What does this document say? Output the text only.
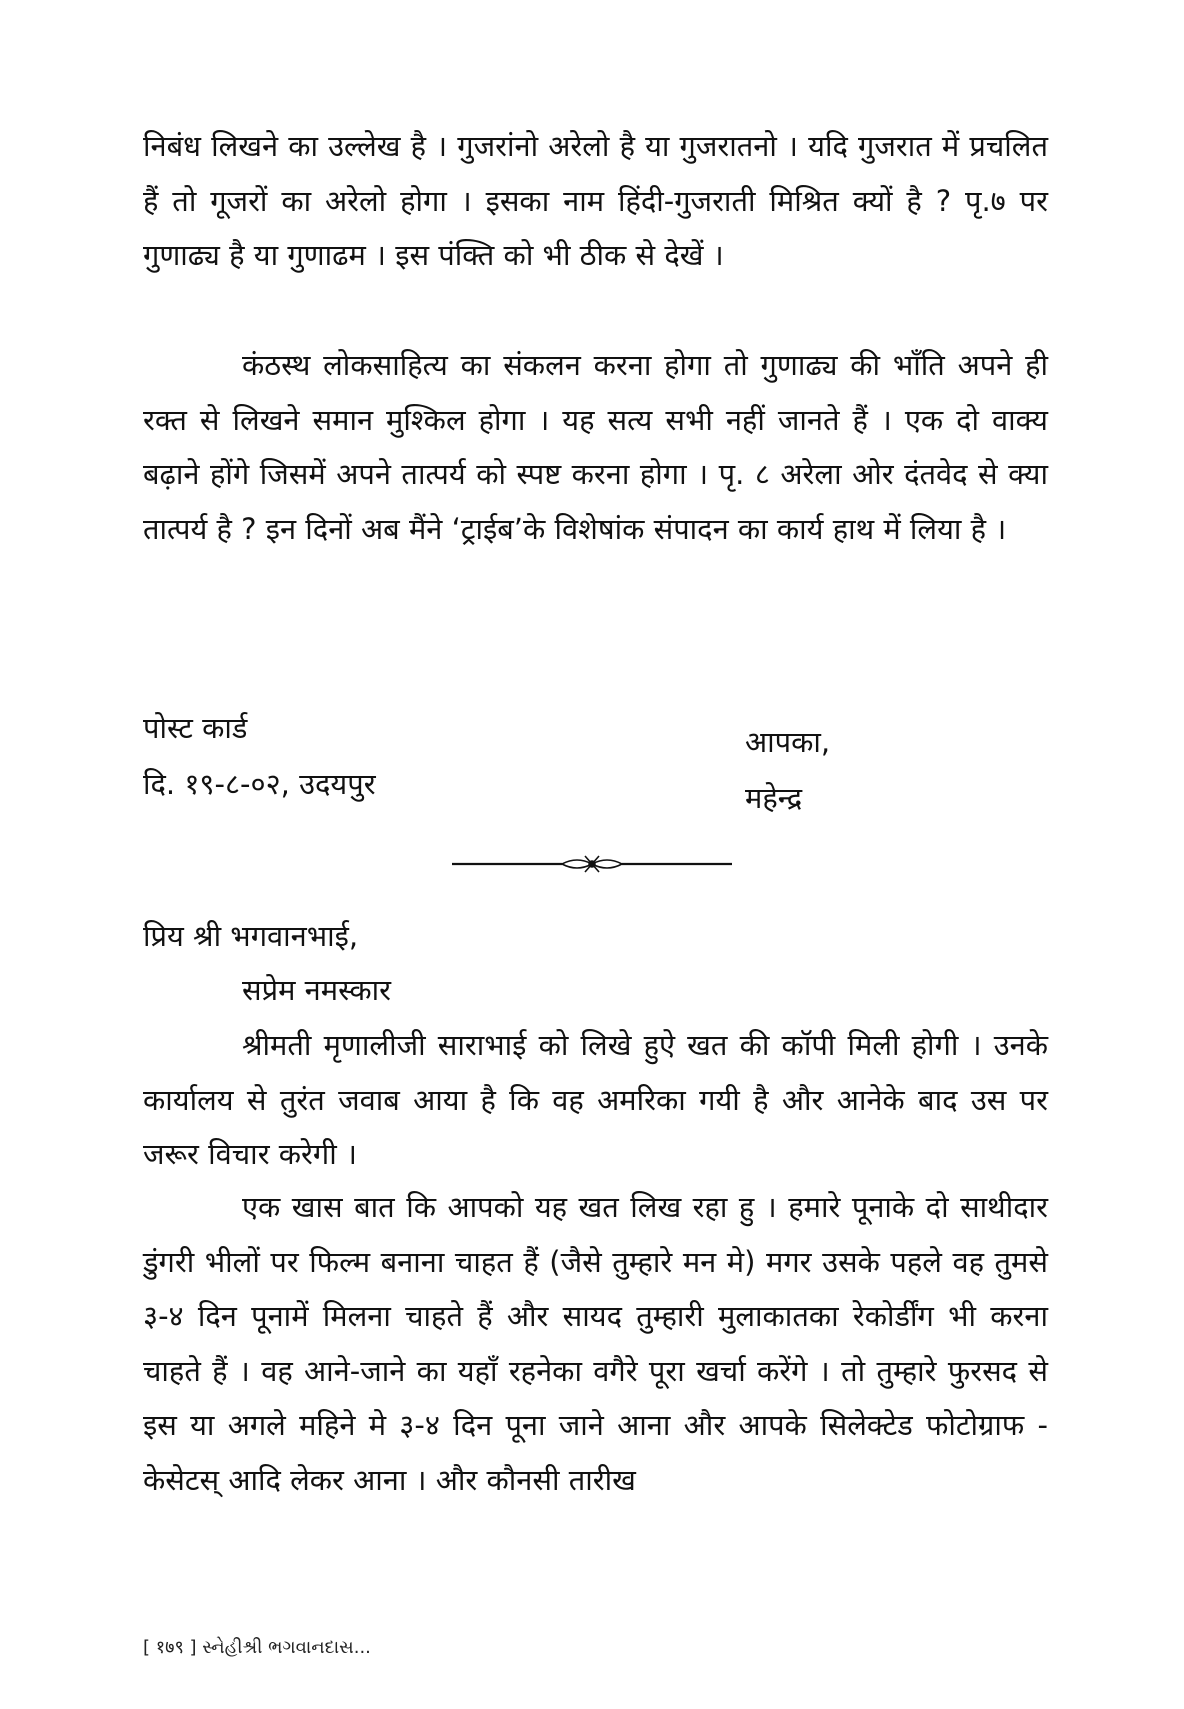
निबंध लिखने का उल्लेख है । गुजरांनो अरेलो है या गुजरातनो । यदि गुजरात में प्रचलित हैं तो गूजरों का अरेलो होगा । इसका नाम हिंदी-गुजराती मिश्रित क्यों है ? पृ.७ पर गुणाढ्य है या गुणाढम । इस पंक्ति को भी ठीक से देखें ।

कंठस्थ लोकसाहित्य का संकलन करना होगा तो गुणाढ्य की भाँति अपने ही रक्त से लिखने समान मुश्किल होगा । यह सत्य सभी नहीं जानते हैं । एक दो वाक्य बढ़ाने होंगे जिसमें अपने तात्पर्य को स्पष्ट करना होगा । पृ. ८ अरेला ओर दंतवेद से क्या तात्पर्य है ? इन दिनों अब मैंने ‘ट्राईब’के विशेषांक संपादन का कार्य हाथ में लिया है ।

पोस्ट कार्ड
दि. १९-८-०२, उदयपुर
आपका,
महेन्द्र
प्रिय श्री भगवानभाई,
सप्रेम नमस्कार

श्रीमती मृणालीजी साराभाई को लिखे हुऐ खत की कॉपी मिली होगी । उनके कार्यालय से तुरंत जवाब आया है कि वह अमरिका गयी है और आनेके बाद उस पर जरूर विचार करेगी ।

एक खास बात कि आपको यह खत लिख रहा हु । हमारे पूनाके दो साथीदार डुंगरी भीलों पर फिल्म बनाना चाहत हैं (जैसे तुम्हारे मन मे) मगर उसके पहले वह तुमसे ३-४ दिन पूनामें मिलना चाहते हैं और सायद तुम्हारी मुलाकातका रेकोर्डींग भी करना चाहते हैं । वह आने-जाने का यहाँ रहनेका वगैरे पूरा खर्चा करेंगे । तो तुम्हारे फुरसद से इस या अगले महिने मे ३-४ दिन पूना जाने आना और आपके सिलेक्टेड फोटोग्राफ - केसेटस् आदि लेकर आना । और कौनसी तारीख

[ १७९ ] સ્નેહીશ્રી ભગવાનદાસ...
